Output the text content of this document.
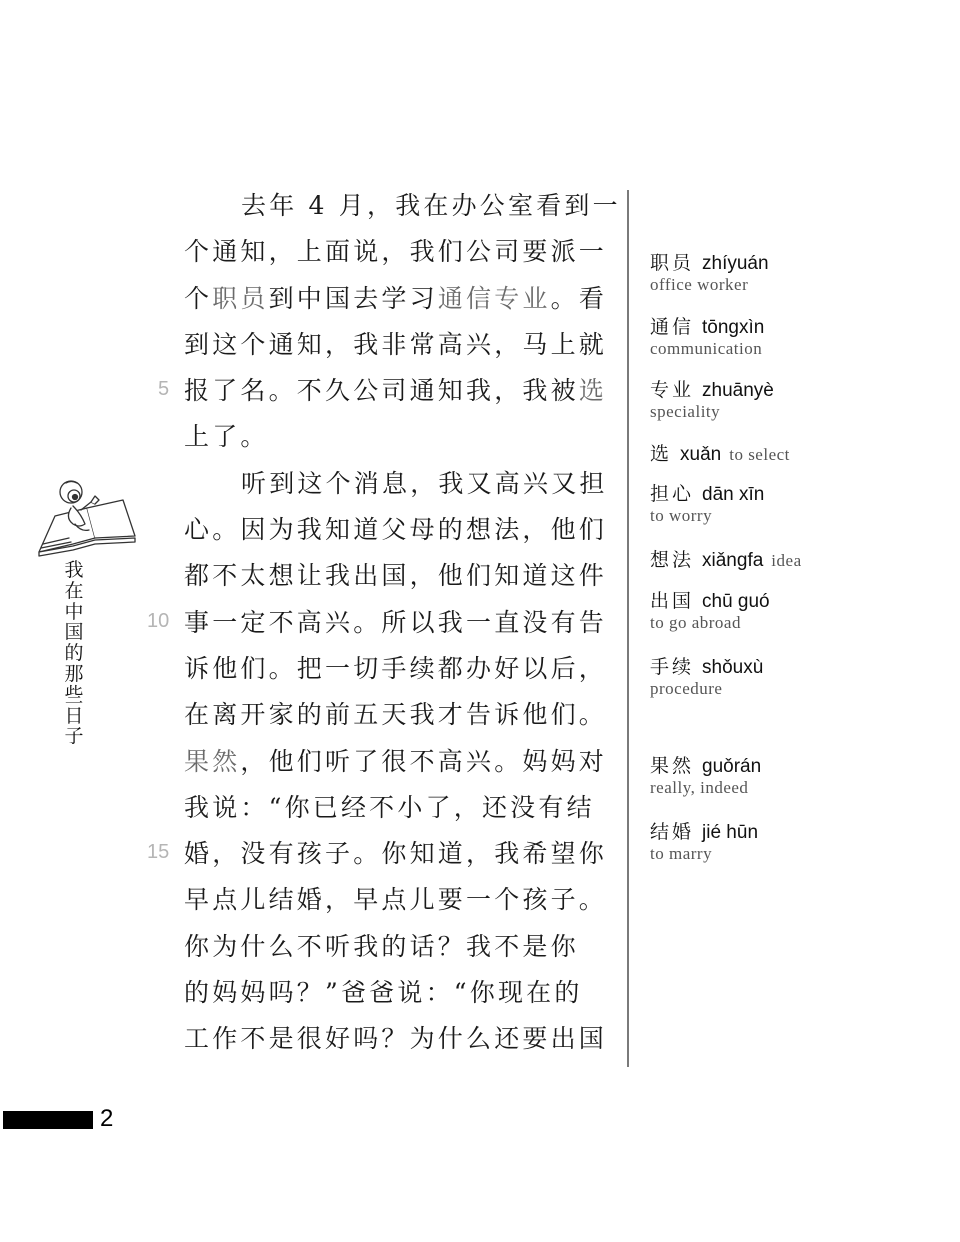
去年 4 月，我在办公室看到一
个通知，上面说，我们公司要派一
个职员到中国去学习通信专业。看
到这个通知，我非常高兴，马上就
报了名。不久公司通知我，我被选
上了。
听到这个消息，我又高兴又担
心。因为我知道父母的想法，他们
都不太想让我出国，他们知道这件
事一定不高兴。所以我一直没有告
诉他们。把一切手续都办好以后，
在离开家的前五天我才告诉他们。
果然，他们听了很不高兴。妈妈对
我说：“你已经不小了，还没有结
婚，没有孩子。你知道，我希望你
早点儿结婚，早点儿要一个孩子。
你为什么不听我的话？我不是你
的妈妈吗？”爸爸说：“你现在的
工作不是很好吗？为什么还要出国
5
10
15
职员 zhíyuán
office worker
通信 tōngxìn
communication
专业 zhuānyè
speciality
选 xuǎn to select
担心 dān xīn
to worry
想法 xiǎngfa idea
出国 chū guó
to go abroad
手续 shǒuxù
procedure
果然 guǒrán
really, indeed
结婚 jié hūn
to marry
我
在
中
国
的
那
些
日
子
2
